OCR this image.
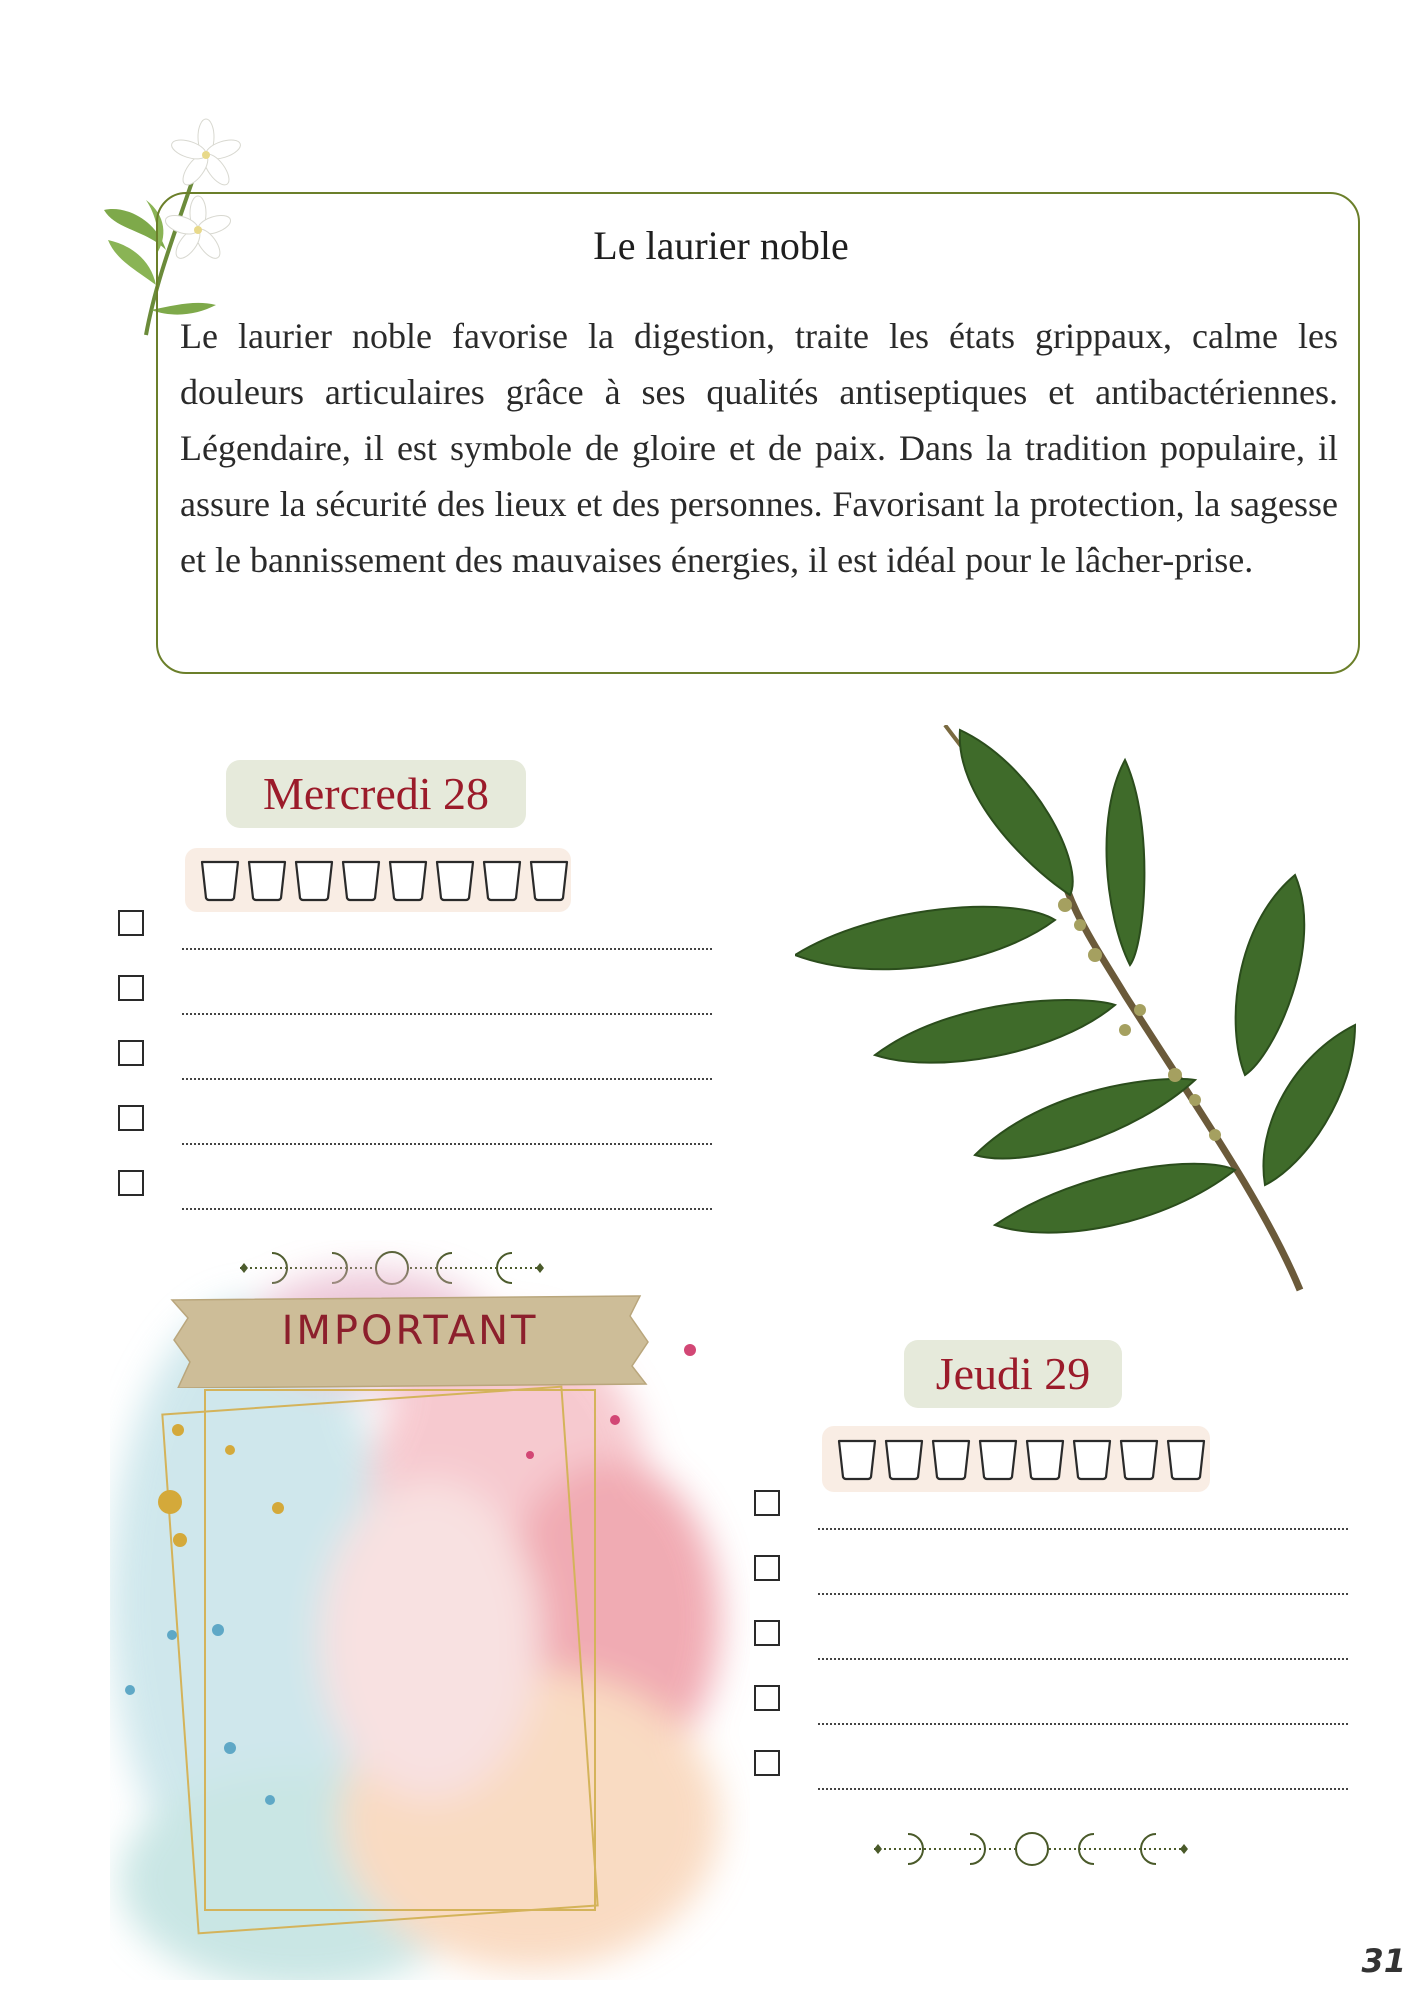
Le laurier noble
Le laurier noble favorise la digestion, traite les états grippaux, calme les douleurs articulaires grâce à ses qualités antiseptiques et antibactériennes. Légendaire, il est symbole de gloire et de paix. Dans la tradition populaire, il assure la sécurité des lieux et des personnes. Favorisant la protection, la sagesse et le bannissement des mauvaises énergies, il est idéal pour le lâcher-prise.
Mercredi 28
IMPORTANT
Jeudi 29
31
